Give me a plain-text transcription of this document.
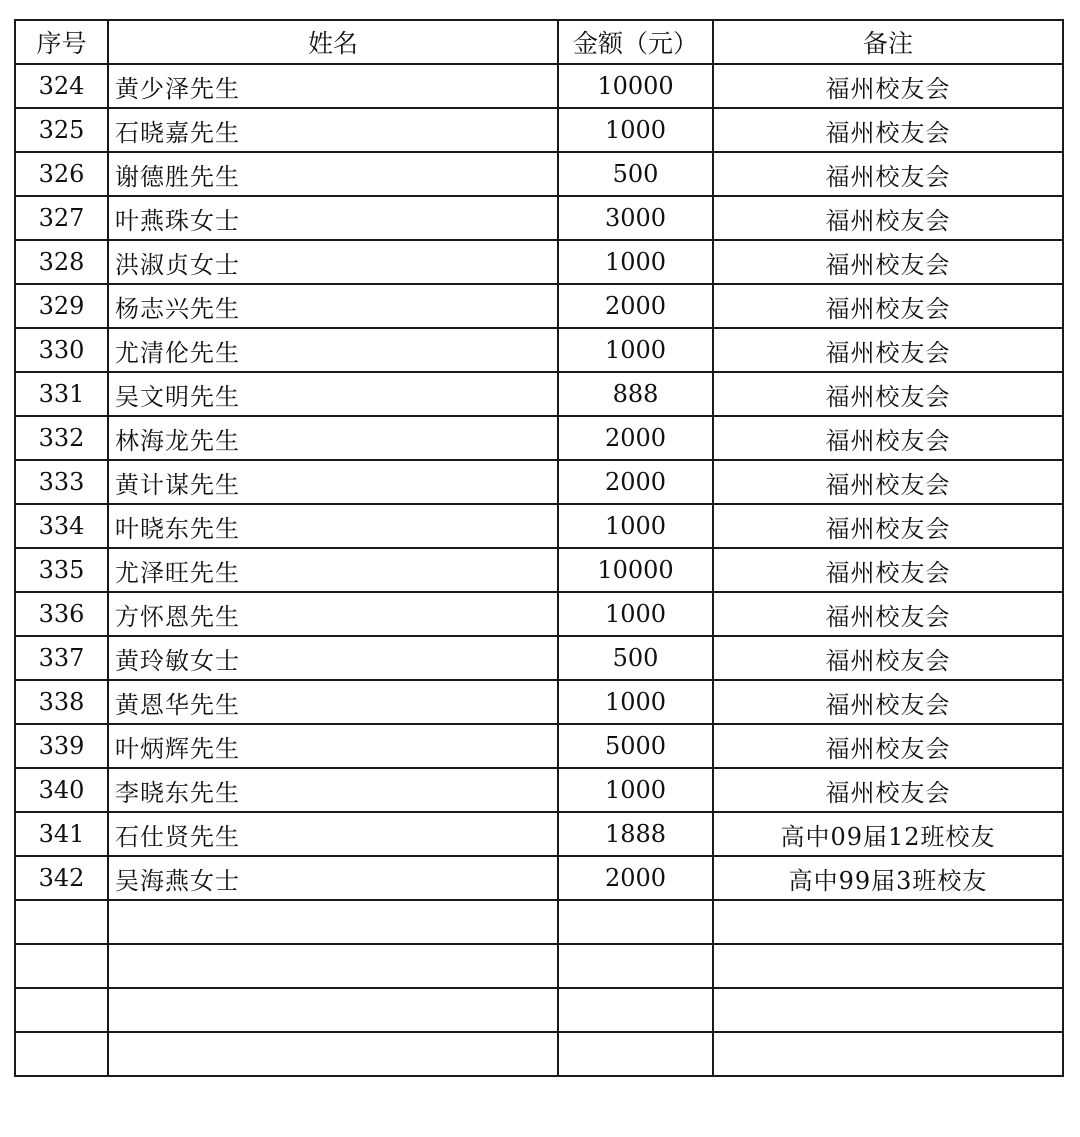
序号	姓名	金额（元）	备注
324	黄少泽先生	10000	福州校友会
325	石晓嘉先生	1000	福州校友会
326	谢德胜先生	500	福州校友会
327	叶燕珠女士	3000	福州校友会
328	洪淑贞女士	1000	福州校友会
329	杨志兴先生	2000	福州校友会
330	尤清伦先生	1000	福州校友会
331	吴文明先生	888	福州校友会
332	林海龙先生	2000	福州校友会
333	黄计谋先生	2000	福州校友会
334	叶晓东先生	1000	福州校友会
335	尤泽旺先生	10000	福州校友会
336	方怀恩先生	1000	福州校友会
337	黄玲敏女士	500	福州校友会
338	黄恩华先生	1000	福州校友会
339	叶炳辉先生	5000	福州校友会
340	李晓东先生	1000	福州校友会
341	石仕贤先生	1888	高中09届12班校友
342	吴海燕女士	2000	高中99届3班校友
